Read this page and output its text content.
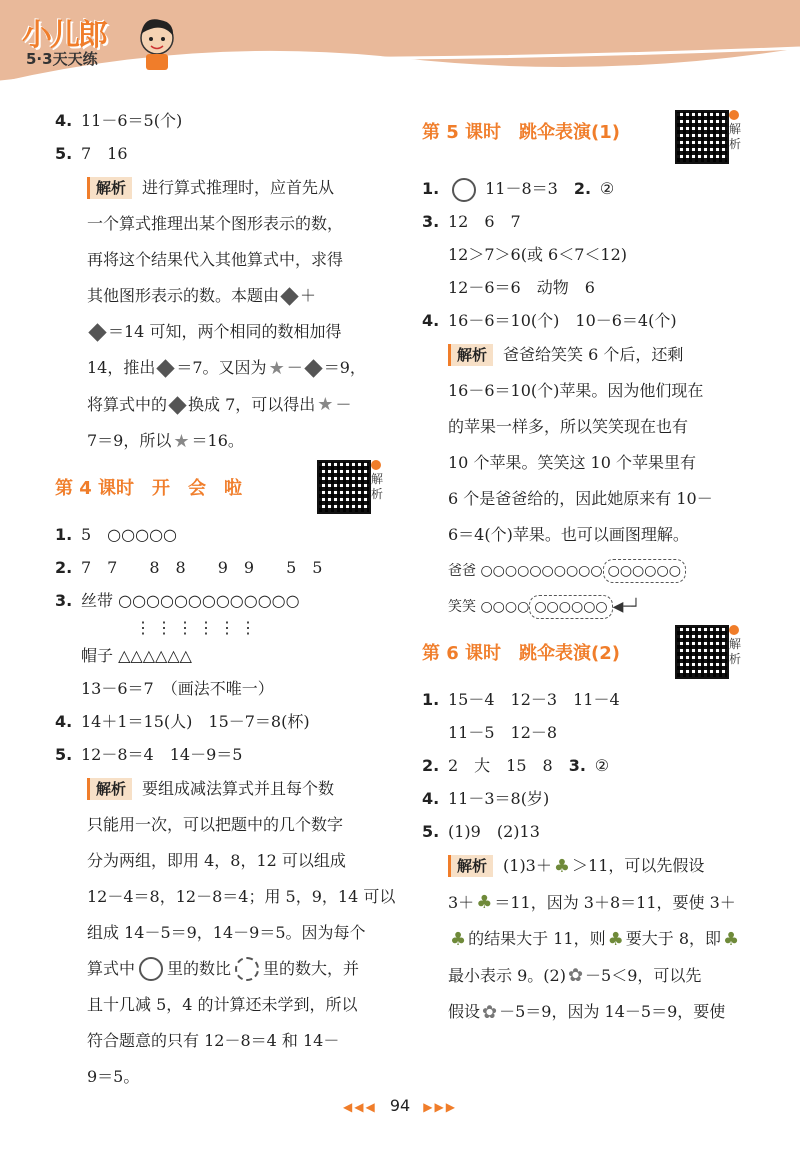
小儿郎
5·3天天练
4. 11－6＝5(个)
5. 7　16
解析 进行算式推理时，应首先从
一个算式推理出某个图形表示的数，
再将这个结果代入其他算式中，求得
其他图形表示的数。本题由 ＋
＝14 可知，两个相同的数相加得
14，推出 ＝7。又因为 ★ － ＝9，
将算式中的 换成 7，可以得出 ★ －
7＝9，所以 ★ ＝16。
第 4 课时　开　会　啦	解析
1. 5　○○○○○
2. 7　7　　8　8　　9　9　　5　5
3. 丝带 ○○○○○○○○○○○○○
⋮⋮⋮⋮⋮⋮
帽子 △△△△△△
13－6＝7　（画法不唯一）
4. 14＋1＝15(人)　15－7＝8(杯)
5. 12－8＝4　14－9＝5
解析 要组成减法算式并且每个数
只能用一次，可以把题中的几个数字
分为两组，即用 4，8，12 可以组成
12－4＝8，12－8＝4；用 5，9，14 可以
组成 14－5＝9，14－9＝5。因为每个
算式中 里的数比 里的数大，并
且十几减 5，4 的计算还未学到，所以
符合题意的只有 12－8＝4 和 14－
9＝5。
第 5 课时　跳伞表演(1)	解析
1.	11－8＝3　2. ②
3. 12　6　7
12＞7＞6(或 6＜7＜12)
12－6＝6　动物　6
4. 16－6＝10(个)　10－6＝4(个)
解析 爸爸给笑笑 6 个后，还剩
16－6＝10(个)苹果。因为他们现在
的苹果一样多，所以笑笑现在也有
10 个苹果。笑笑这 10 个苹果里有
6 个是爸爸给的，因此她原来有 10－
6＝4(个)苹果。也可以画图理解。
爸爸 ○○○○○○○○○○ ○○○○○○
笑笑 ○○○○ ○○○○○○ ◀─┘
第 6 课时　跳伞表演(2)	解析
1. 15－4　12－3　11－4
11－5　12－8
2. 2　大　15　8　3. ②
4. 11－3＝8(岁)
5. (1)9　(2)13
解析 (1)3＋ ♣ ＞11，可以先假设
3＋ ♣ ＝11，因为 3＋8＝11，要使 3＋
♣ 的结果大于 11，则 ♣ 要大于 8，即 ♣
最小表示 9。(2) ✿ －5＜9，可以先
假设 ✿ －5＝9，因为 14－5＝9，要使
◀◀◀ 94 ▶▶▶
